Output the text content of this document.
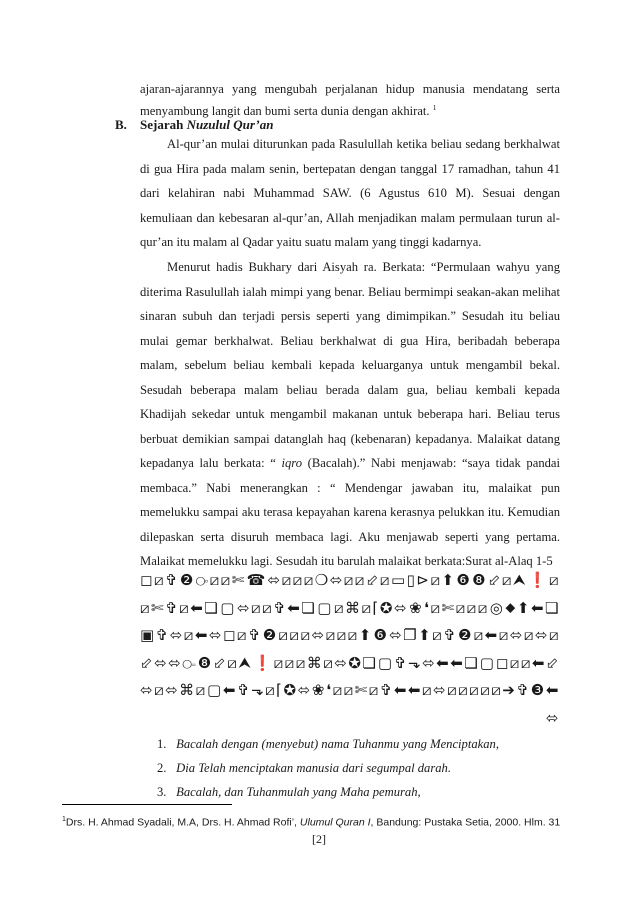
ajaran-ajarannya yang mengubah perjalanan hidup manusia mendatang serta menyambung langit dan bumi serta dunia dengan akhirat. $^1$

B. Sejarah Nuzulul Qur’an

Al-qur’an mulai diturunkan pada Rasulullah ketika beliau sedang berkhalwat di gua Hira pada malam senin, bertepatan dengan tanggal 17 ramadhan, tahun 41 dari kelahiran nabi Muhammad SAW. (6 Agustus 610 M). Sesuai dengan kemuliaan dan kebesaran al-qur’an, Allah menjadikan malam permulaan turun al-qur’an itu malam al Qadar yaitu suatu malam yang tinggi kadarnya.

Menurut hadis Bukhary dari Aisyah ra. Berkata: “Permulaan wahyu yang diterima Rasulullah ialah mimpi yang benar. Beliau bermimpi seakan-akan melihat sinaran subuh dan terjadi persis seperti yang dimimpikan.” Sesudah itu beliau mulai gemar berkhalwat. Beliau berkhalwat di gua Hira, beribadah beberapa malam, sebelum beliau kembali kepada keluarganya untuk mengambil bekal. Sesudah beberapa malam beliau berada dalam gua, beliau kembali kepada Khadijah sekedar untuk mengambil makanan untuk beberapa hari. Beliau terus berbuat demikian sampai datanglah haq (kebenaran) kepadanya. Malaikat datang kepadanya lalu berkata: “ iqro (Bacalah).” Nabi menjawab: “saya tidak pandai membaca.” Nabi menerangkan : “ Mendengar jawaban itu, malaikat pun memelukku sampai aku terasa kepayahan karena kerasnya pelukkan itu. Kemudian dilepaskan serta disuruh membaca lagi. Aku menjawab seperti yang pertama. Malaikat memelukku lagi. Sesudah itu barulah malaikat berkata:Surat al-Alaq 1-5

◻⧄✞❷⧂⧄⧄✄☎⬄⧄⧄⧄❍⬄⧄⧄⬃⧄▭▯⊳⧄⬆❻❽⬃⧄⮝❗⧄⧄✄✞⧄⬅❏▢⬄⧄⧄✞⬅❏▢⧄⌘⧄⌈✪⬄❀❛⧄✄⧄⧄⧄◎⬥⬆⬅❏▣✞⬄⧄⬅⬄◻⧄✞❷⧄⧄⧄⬄⧄⧄⧄⬆❻⬄❐⬆⧄✞❷⧄⬅⧄⬄⧄⬄⧄⬃⬄⬄⧃❽⬃⧄⮝❗⧄⧄⧄⌘⧄⬄✪❏▢✞⬎⬄⬅⬅❏▢◻⧄⧄⬅⬃⬄⧄⬄⌘⧄▢⬅✞⬎⧄⌈✪⬄❀❛⧄⧄✄⧄✞⬅⬅⧄⬄⧄⧄⧄⧄⧄➔✞❸⬅⬄
1. Bacalah dengan (menyebut) nama Tuhanmu yang Menciptakan,
2. Dia Telah menciptakan manusia dari segumpal darah.
3. Bacalah, dan Tuhanmulah yang Maha pemurah,
$^1$Drs. H. Ahmad Syadali, M.A, Drs. H. Ahmad Rofi’, Ulumul Quran I, Bandung: Pustaka Setia, 2000. Hlm. 31
[2]
